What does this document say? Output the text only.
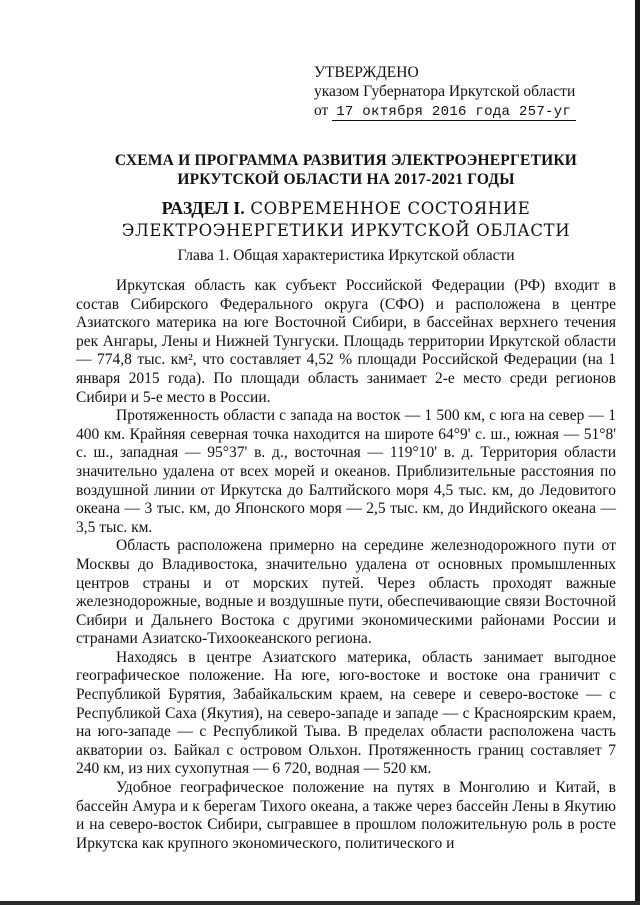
УТВЕРЖДЕНО
указом Губернатора Иркутской области
от 17 октября 2016 года 257-уг
СХЕМА И ПРОГРАММА РАЗВИТИЯ ЭЛЕКТРОЭНЕРГЕТИКИ
ИРКУТСКОЙ ОБЛАСТИ НА 2017-2021 ГОДЫ
РАЗДЕЛ I. СОВРЕМЕННОЕ СОСТОЯНИЕ ЭЛЕКТРОЭНЕРГЕТИКИ ИРКУТСКОЙ ОБЛАСТИ
Глава 1. Общая характеристика Иркутской области

Иркутская область как субъект Российской Федерации (РФ) входит в состав Сибирского Федерального округа (СФО) и расположена в центре Азиатского материка на юге Восточной Сибири, в бассейнах верхнего течения рек Ангары, Лены и Нижней Тунгуски. Площадь территории Иркутской области — 774,8 тыс. км², что составляет 4,52 % площади Российской Федерации (на 1 января 2015 года). По площади область занимает 2-е место среди регионов Сибири и 5-е место в России.

Протяженность области с запада на восток — 1 500 км, с юга на север — 1 400 км. Крайняя северная точка находится на широте 64°9' с. ш., южная — 51°8' с. ш., западная — 95°37' в. д., восточная — 119°10' в. д. Территория области значительно удалена от всех морей и океанов. Приблизительные расстояния по воздушной линии от Иркутска до Балтийского моря 4,5 тыс. км, до Ледовитого океана — 3 тыс. км, до Японского моря — 2,5 тыс. км, до Индийского океана — 3,5 тыс. км.

Область расположена примерно на середине железнодорожного пути от Москвы до Владивостока, значительно удалена от основных промышленных центров страны и от морских путей. Через область проходят важные железнодорожные, водные и воздушные пути, обеспечивающие связи Восточной Сибири и Дальнего Востока с другими экономическими районами России и странами Азиатско-Тихоокеанского региона.

Находясь в центре Азиатского материка, область занимает выгодное географическое положение. На юге, юго-востоке и востоке она граничит с Республикой Бурятия, Забайкальским краем, на севере и северо-востоке — с Республикой Саха (Якутия), на северо-западе и западе — с Красноярским краем, на юго-западе — с Республикой Тыва. В пределах области расположена часть акватории оз. Байкал с островом Ольхон. Протяженность границ составляет 7 240 км, из них сухопутная — 6 720, водная — 520 км.

Удобное географическое положение на путях в Монголию и Китай, в бассейн Амура и к берегам Тихого океана, а также через бассейн Лены в Якутию и на северо-восток Сибири, сыгравшее в прошлом положительную роль в росте Иркутска как крупного экономического, политического и
